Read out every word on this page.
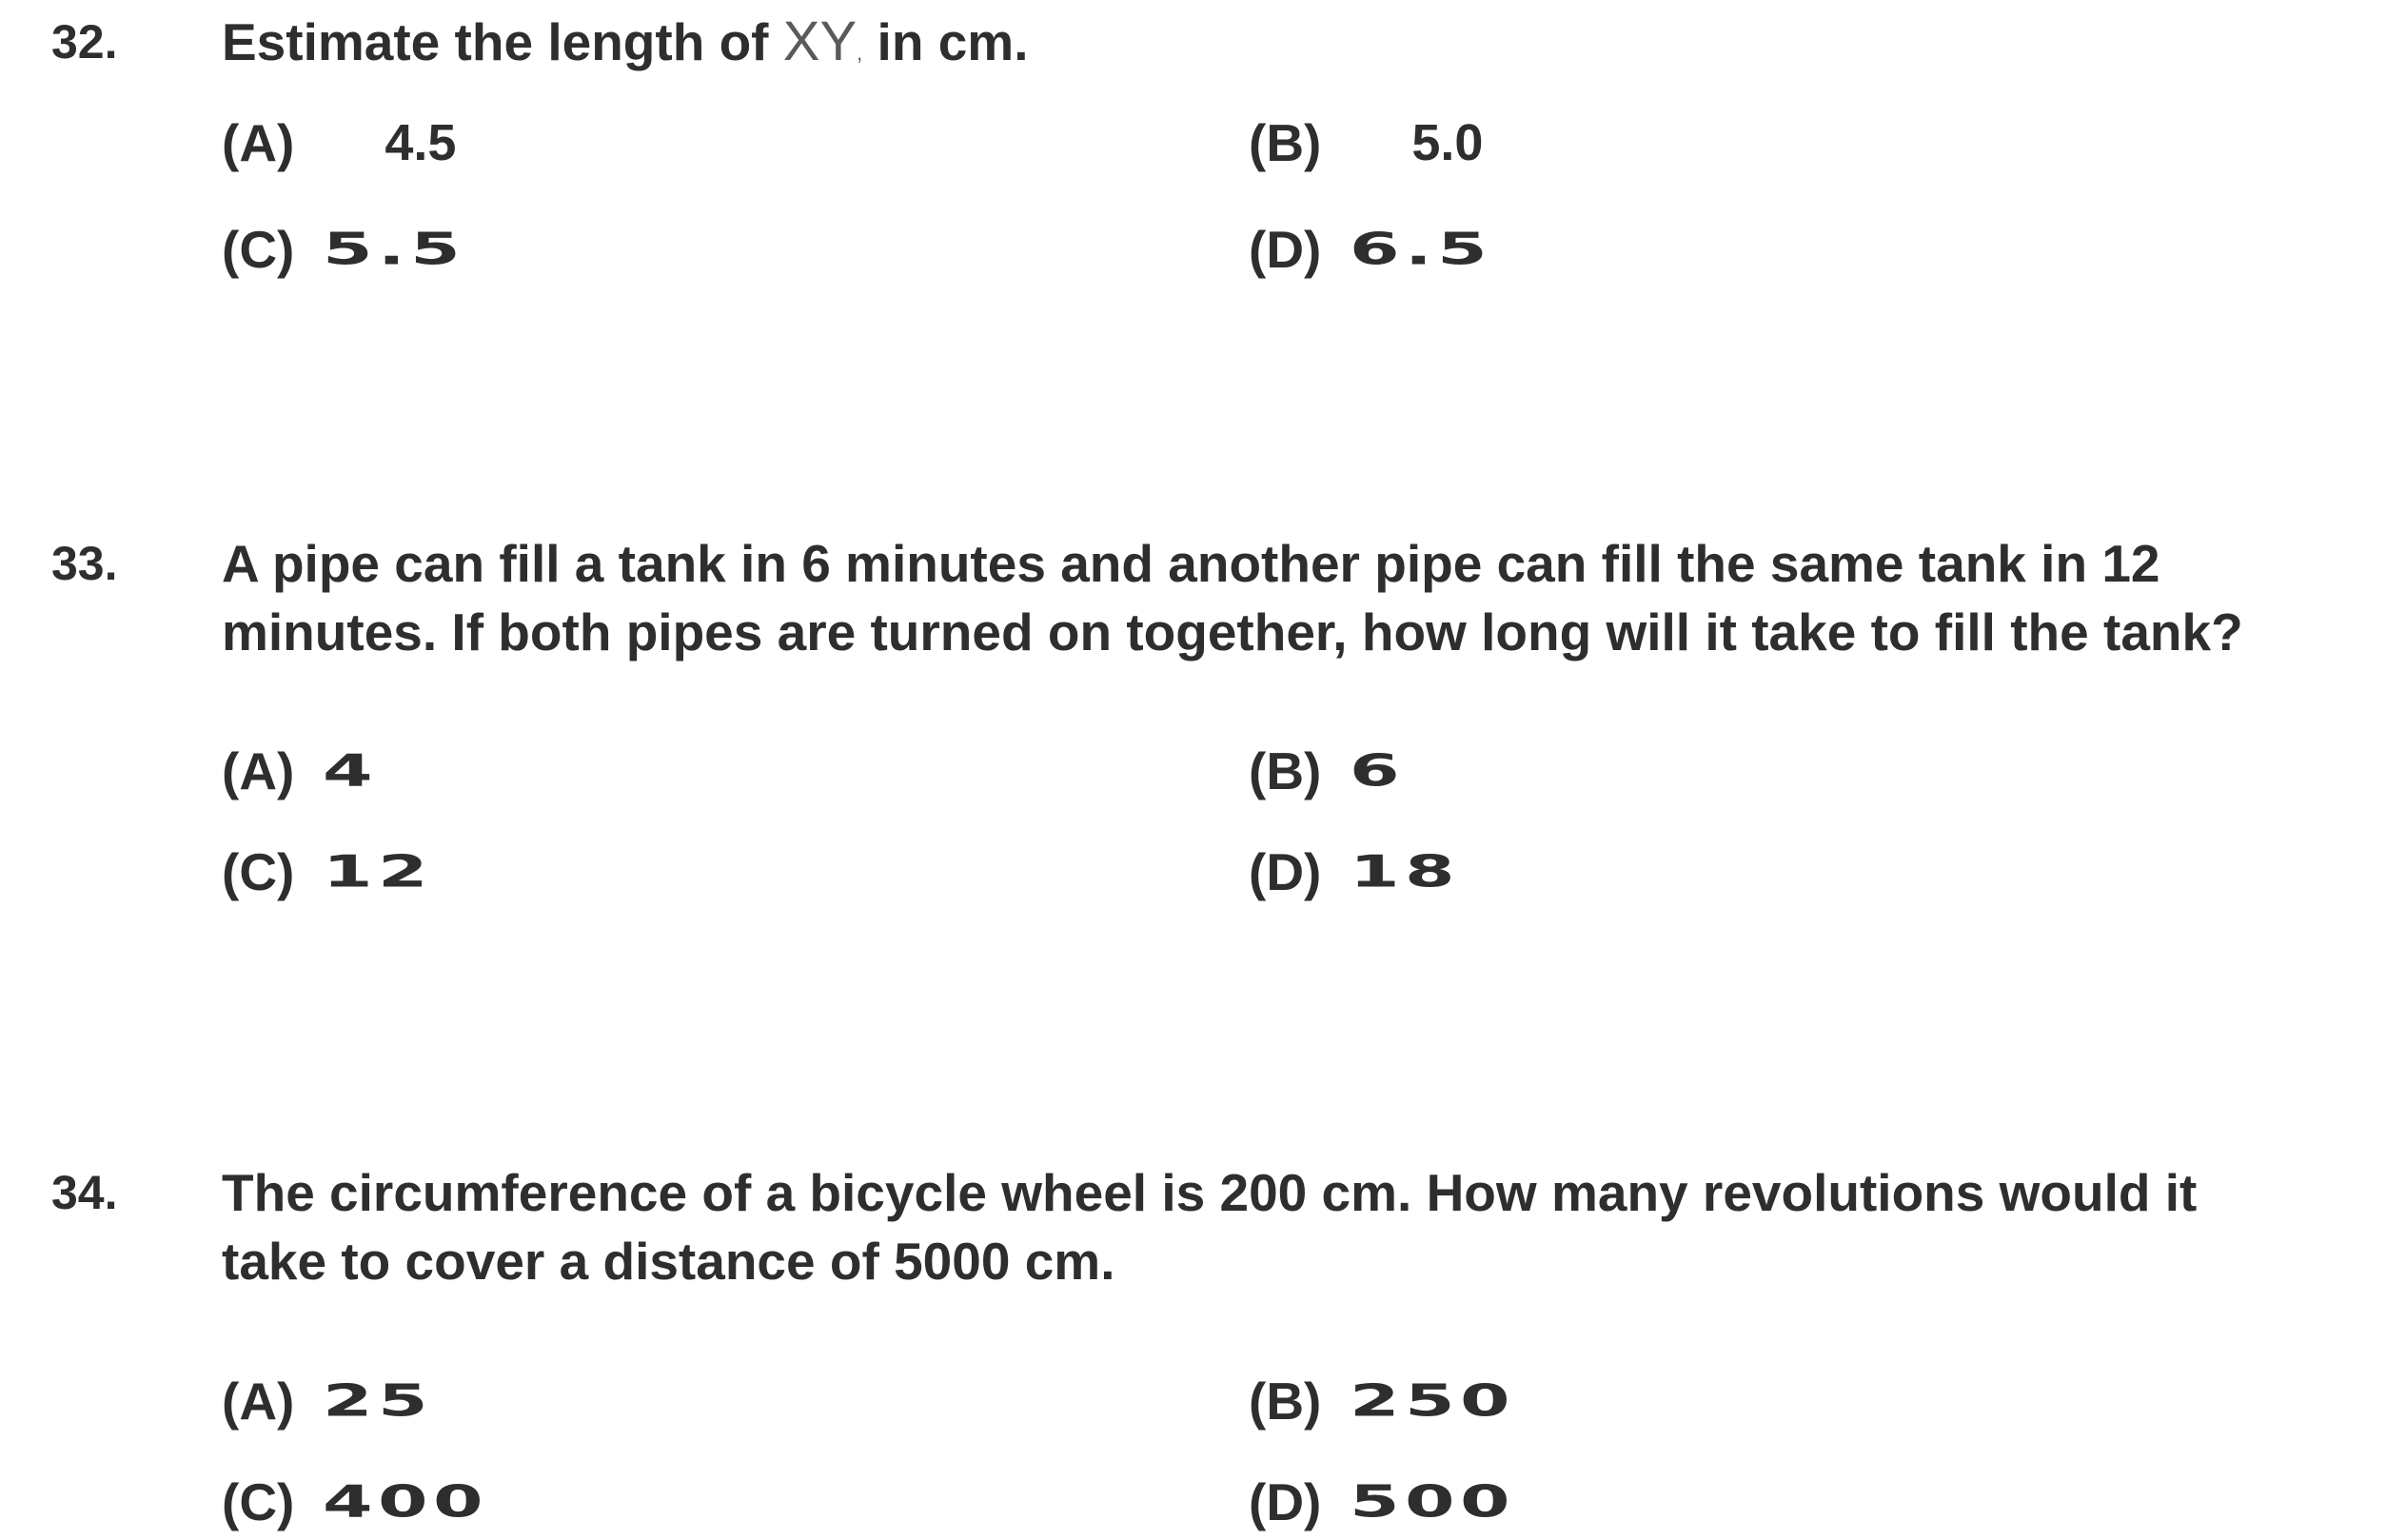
32. Estimate the length of XY, in cm.
(A) 4.5	(B) 5.0
(C) 5.5	(D) 6.5
33. A pipe can fill a tank in 6 minutes and another pipe can fill the same tank in 12
minutes. If both pipes are turned on together, how long will it take to fill the tank?
(A) 4	(B) 6
(C) 12	(D) 18
34. The circumference of a bicycle wheel is 200 cm. How many revolutions would it
take to cover a distance of 5000 cm.
(A) 25	(B) 250
(C) 400	(D) 500
